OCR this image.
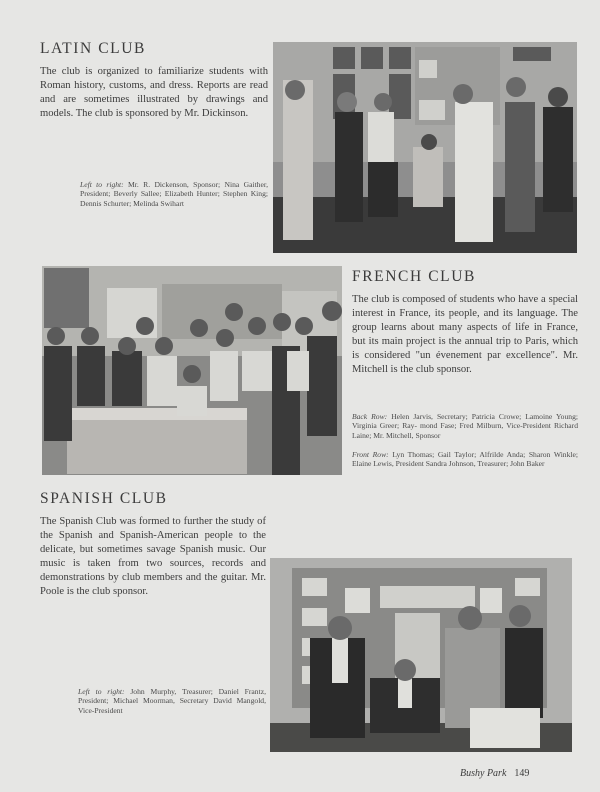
LATIN CLUB

The club is organized to familiarize students with Roman history, customs, and dress. Reports are read and are sometimes illustrated by drawings and models. The club is sponsored by Mr. Dickinson.

Left to right: Mr. R. Dickenson, Sponsor; Nina Gaither, President; Beverly Sallee; Elizabeth Hunter; Stephen King; Dennis Schurter; Melinda Swihart

FRENCH CLUB

The club is composed of students who have a special interest in France, its people, and its language. The group learns about many aspects of life in France, but its main project is the annual trip to Paris, which is considered "un évenement par excellence". Mr. Mitchell is the club sponsor.

Back Row: Helen Jarvis, Secretary; Patricia Crowe; Lamoine Young; Virginia Greer; Ray- mond Fase; Fred Milburn, Vice-President Richard Laine; Mr. Mitchell, Sponsor

Front Row: Lyn Thomas; Gail Taylor; Alfrilde Anda; Sharon Winkle; Elaine Lewis, President Sandra Johnson, Treasurer; John Baker

SPANISH CLUB

The Spanish Club was formed to further the study of the Spanish and Spanish-American people to the delicate, but sometimes savage Spanish music. Our music is taken from two sources, records and demonstrations by club members and the guitar. Mr. Poole is the club sponsor.

Left to right: John Murphy, Treasurer; Daniel Frantz, President; Michael Moorman, Secretary David Mangold, Vice-President

Bushy Park 149
